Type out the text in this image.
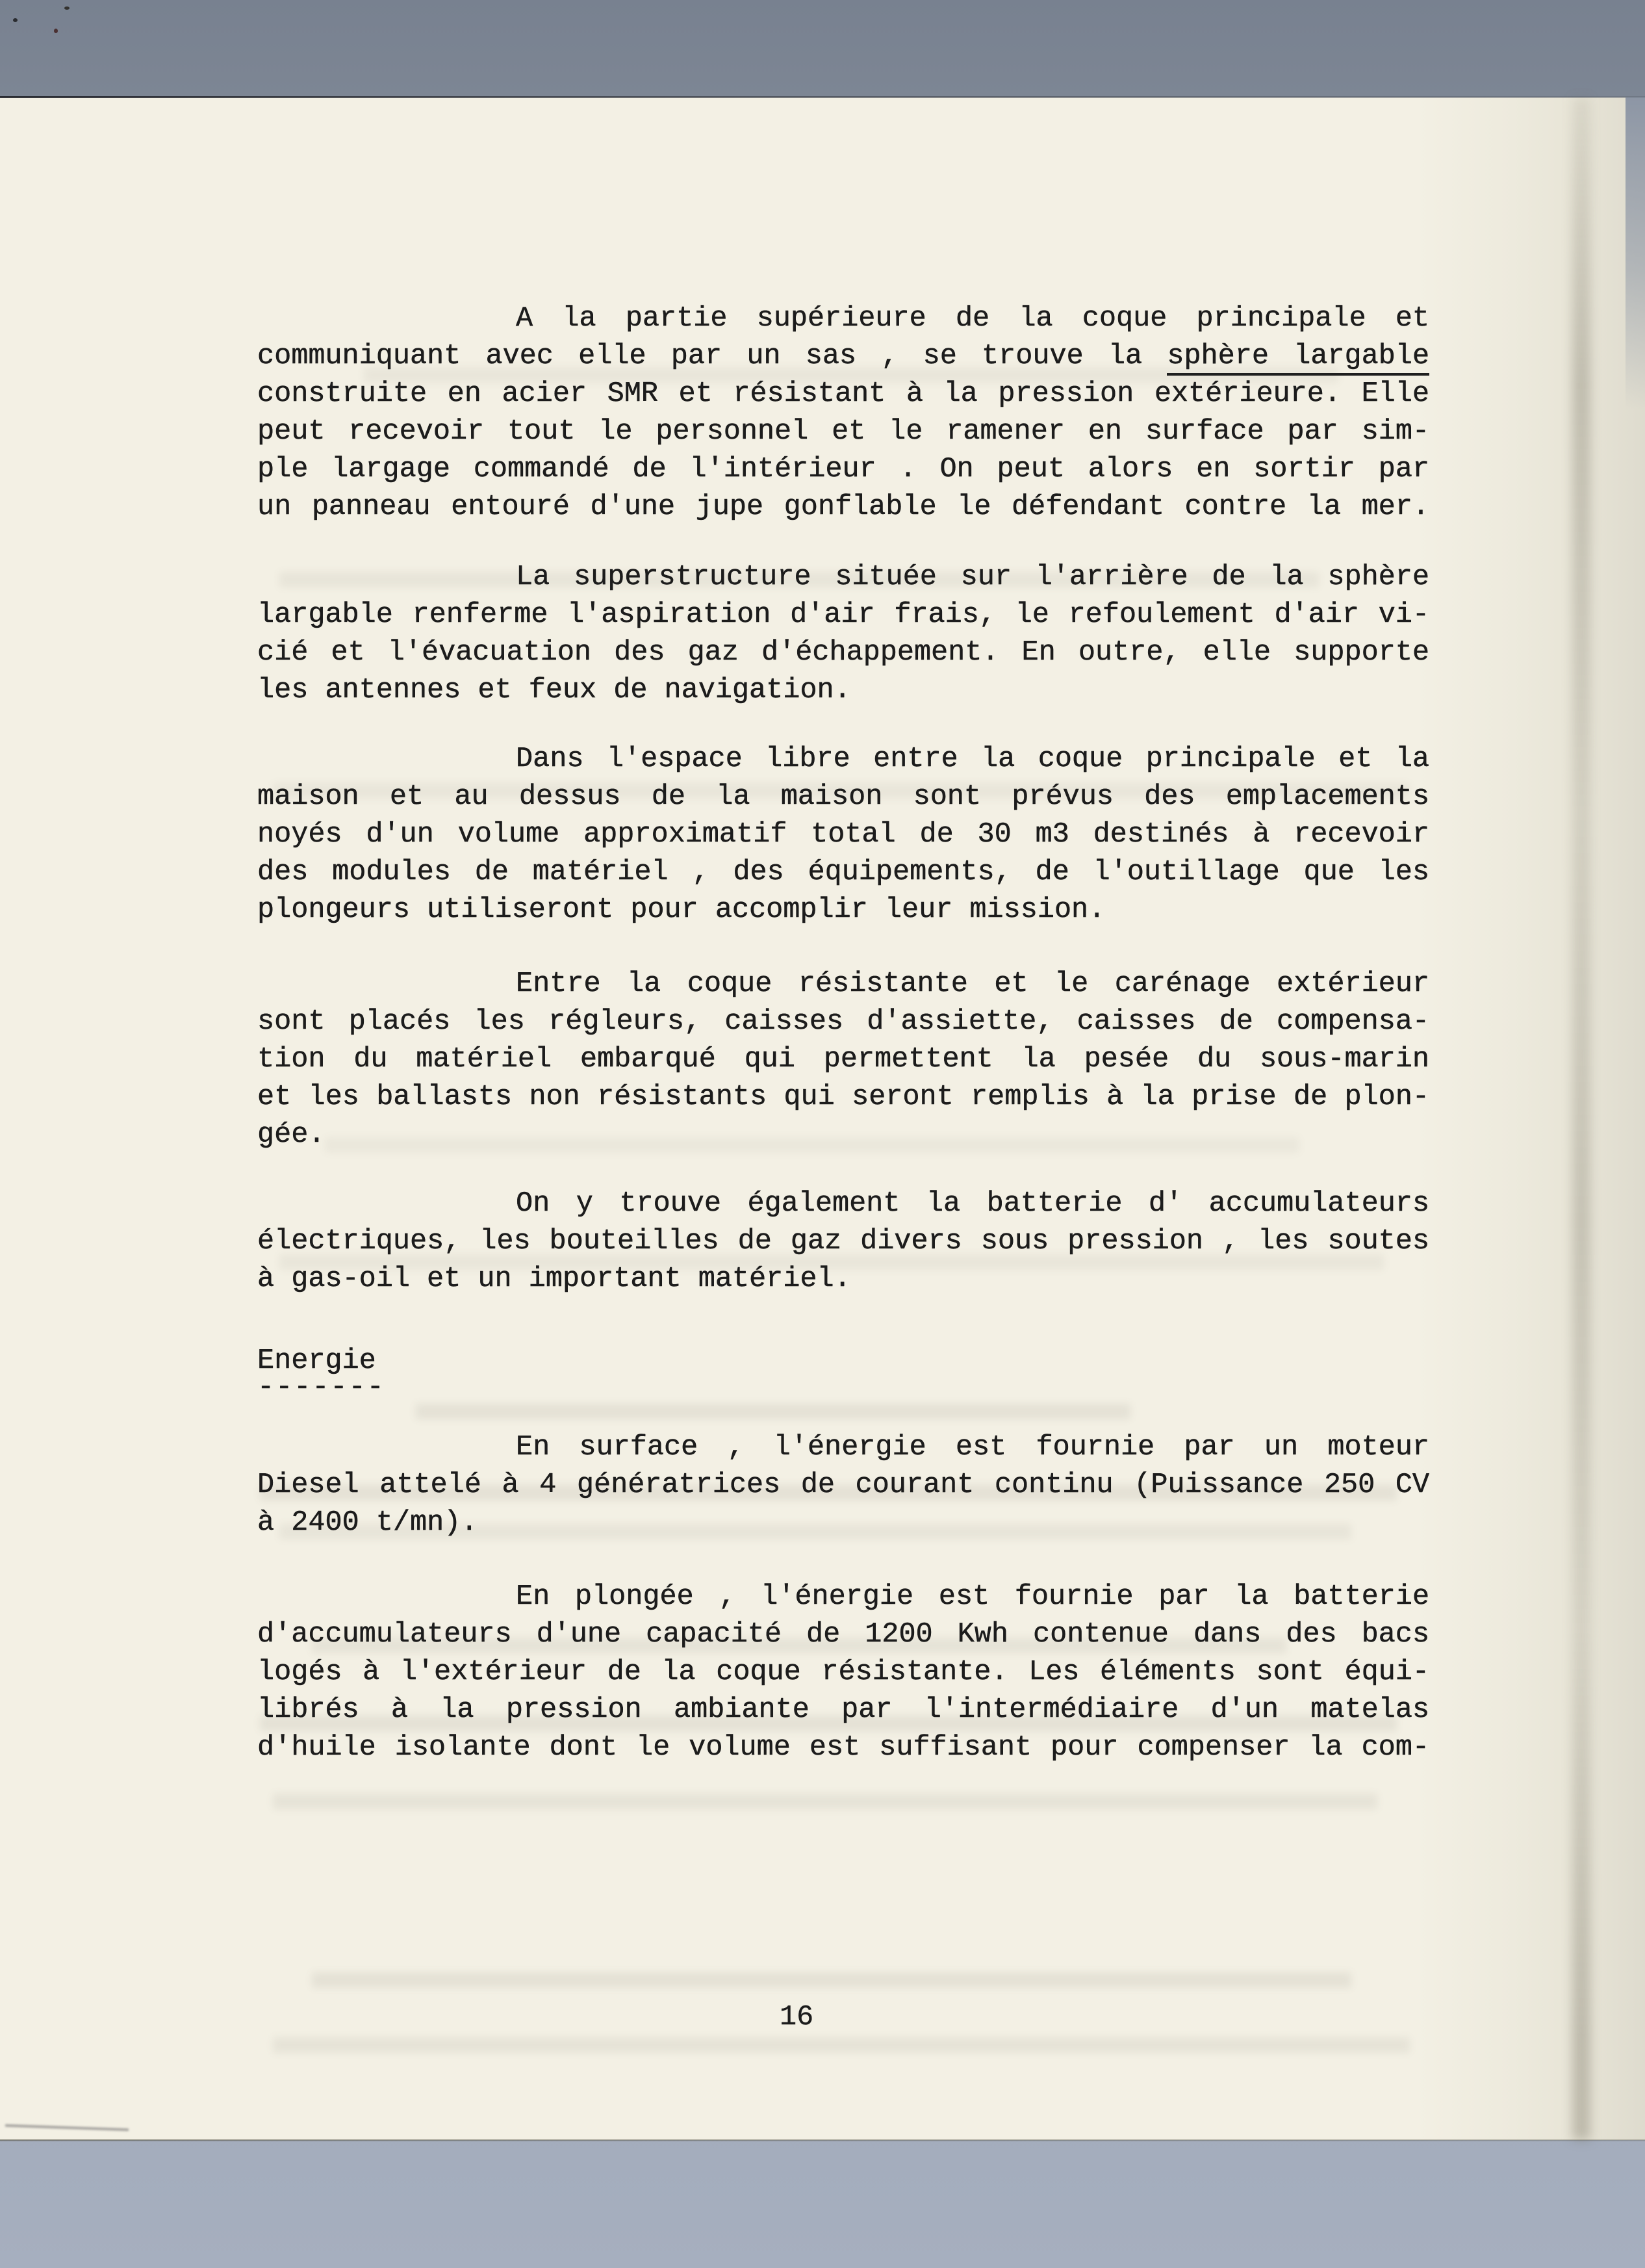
A la partie supérieure de la coque principale et
communiquant avec elle par un sas , se trouve la sphère largable
construite en acier SMR et résistant à la pression extérieure. Elle
peut recevoir tout le personnel et le ramener en surface par sim-
ple largage commandé de l'intérieur . On peut alors en sortir par
un panneau entouré d'une jupe gonflable le défendant contre la mer.
La superstructure située sur l'arrière de la sphère
largable renferme l'aspiration d'air frais, le refoulement d'air vi-
cié et l'évacuation des gaz d'échappement. En outre, elle supporte
les antennes et feux de navigation.
Dans l'espace libre entre la coque principale et la
maison et au dessus de la maison sont prévus des emplacements
noyés d'un volume approximatif total de 30 m3 destinés à recevoir
des modules de matériel , des équipements, de l'outillage que les
plongeurs utiliseront pour accomplir leur mission.
Entre la coque résistante et le carénage extérieur
sont placés les régleurs, caisses d'assiette, caisses de compensa-
tion du matériel embarqué qui permettent la pesée du sous-marin
et les ballasts non résistants qui seront remplis à la prise de plon-
gée.
On y trouve également la batterie d' accumulateurs
électriques, les bouteilles de gaz divers sous pression , les soutes
à gas-oil et un important matériel.
Energie
-------
En surface , l'énergie est fournie par un moteur
Diesel attelé à 4 génératrices de courant continu (Puissance 250 CV
à 2400 t/mn).
En plongée , l'énergie est fournie par la batterie
d'accumulateurs d'une capacité de 1200 Kwh contenue dans des bacs
logés à l'extérieur de la coque résistante. Les éléments sont équi-
librés à la pression ambiante par l'intermédiaire d'un matelas
d'huile isolante dont le volume est suffisant pour compenser la com-
16
